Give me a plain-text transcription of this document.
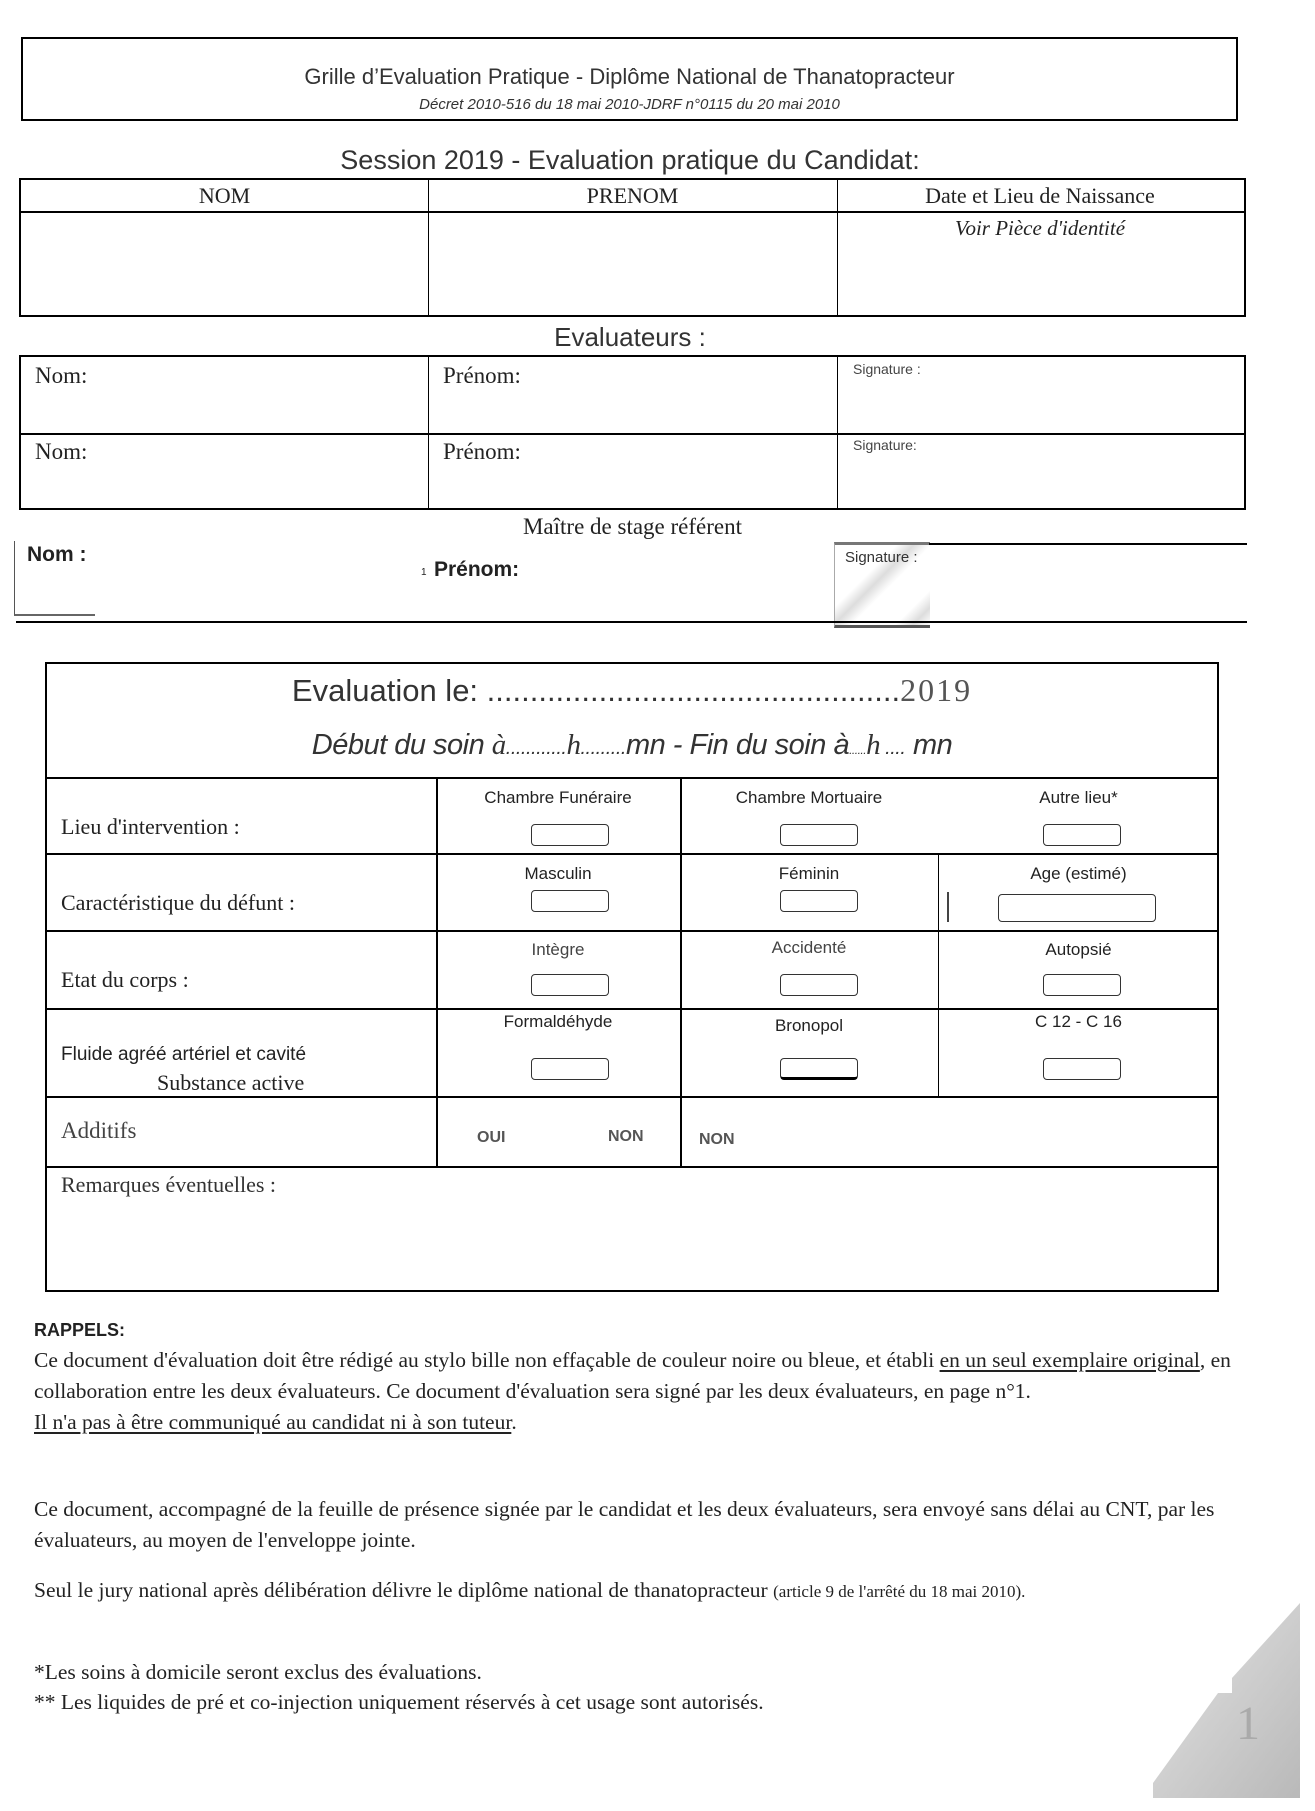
Grille d’Evaluation Pratique - Diplôme National de Thanatopracteur
Décret 2010-516 du 18 mai 2010-JDRF n°0115 du 20 mai 2010
Session 2019 - Evaluation pratique du Candidat:
NOM	PRENOM	Date et Lieu de Naissance
Voir Pièce d'identité
Evaluateurs :
Nom:	Prénom:	Signature :
Nom:	Prénom:	Signature:
Maître de stage référent
Nom :
1 Prénom:
Signature :
Evaluation le: ................................................2019
Début du soin à............h.........mn - Fin du soin à......h .... mn
Lieu d'intervention :
Chambre Funéraire	Chambre Mortuaire	Autre lieu*
Caractéristique du défunt :
Masculin	Féminin	Age (estimé)
Etat du corps :
Intègre	Accidenté	Autopsié
Fluide agréé artériel et cavité
Substance active
Formaldéhyde	Bronopol	C 12 - C 16
Additifs	OUI	NON	NON
Remarques éventuelles :
RAPPELS:
Ce document d'évaluation doit être rédigé au stylo bille non effaçable de couleur noire ou bleue, et établi en un seul exemplaire original, en collaboration entre les deux évaluateurs. Ce document d'évaluation sera signé par les deux évaluateurs, en page n°1.
Il n'a pas à être communiqué au candidat ni à son tuteur.
Ce document, accompagné de la feuille de présence signée par le candidat et les deux évaluateurs, sera envoyé sans délai au CNT, par les évaluateurs, au moyen de l'enveloppe jointe.
Seul le jury national après délibération délivre le diplôme national de thanatopracteur (article 9 de l'arrêté du 18 mai 2010).
*Les soins à domicile seront exclus des évaluations.
** Les liquides de pré et co-injection uniquement réservés à cet usage sont autorisés.	1
